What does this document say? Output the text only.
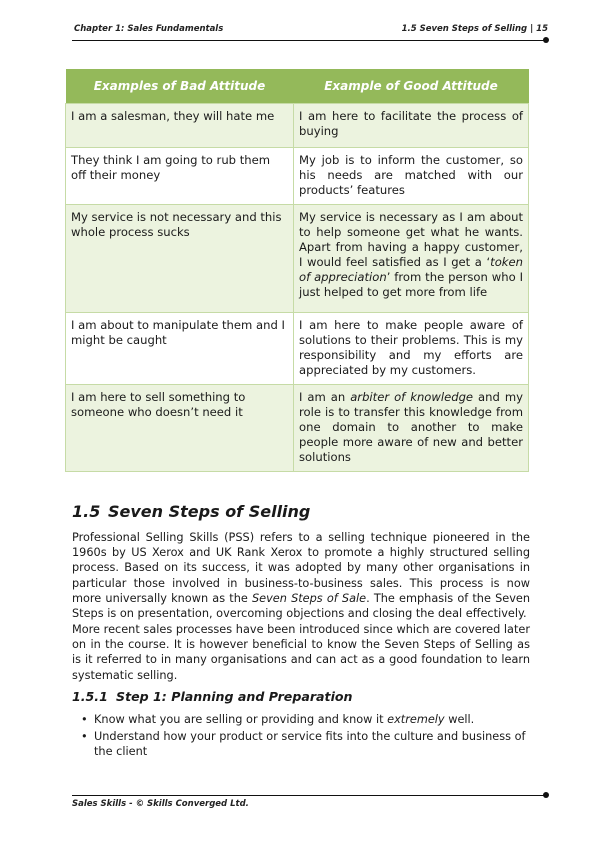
Chapter 1: Sales Fundamentals	1.5 Seven Steps of Selling | 15
Examples of Bad Attitude	Example of Good Attitude
I am a salesman, they will hate me	I am here to facilitate the process of buying
They think I am going to rub them off their money	My job is to inform the customer, so his needs are matched with our products’ features
My service is not necessary and this whole process sucks	My service is necessary as I am about to help someone get what he wants. Apart from having a happy customer, I would feel satisfied as I get a ‘token of appreciation’ from the person who I just helped to get more from life
I am about to manipulate them and I might be caught	I am here to make people aware of solutions to their problems. This is my responsibility and my efforts are appreciated by my customers.
I am here to sell something to someone who doesn’t need it	I am an arbiter of knowledge and my role is to transfer this knowledge from one domain to another to make people more aware of new and better solutions
1.5 Seven Steps of Selling

Professional Selling Skills (PSS) refers to a selling technique pioneered in the 1960s by US Xerox and UK Rank Xerox to promote a highly structured selling process. Based on its success, it was adopted by many other organisations in particular those involved in business-to-business sales. This process is now more universally known as the Seven Steps of Sale. The emphasis of the Seven Steps is on presentation, overcoming objections and closing the deal effectively.

More recent sales processes have been introduced since which are covered later on in the course. It is however beneficial to know the Seven Steps of Selling as is it referred to in many organisations and can act as a good foundation to learn systematic selling.

1.5.1 Step 1: Planning and Preparation
• Know what you are selling or providing and know it extremely well.
• Understand how your product or service fits into the culture and business of the client
Sales Skills - © Skills Converged Ltd.
